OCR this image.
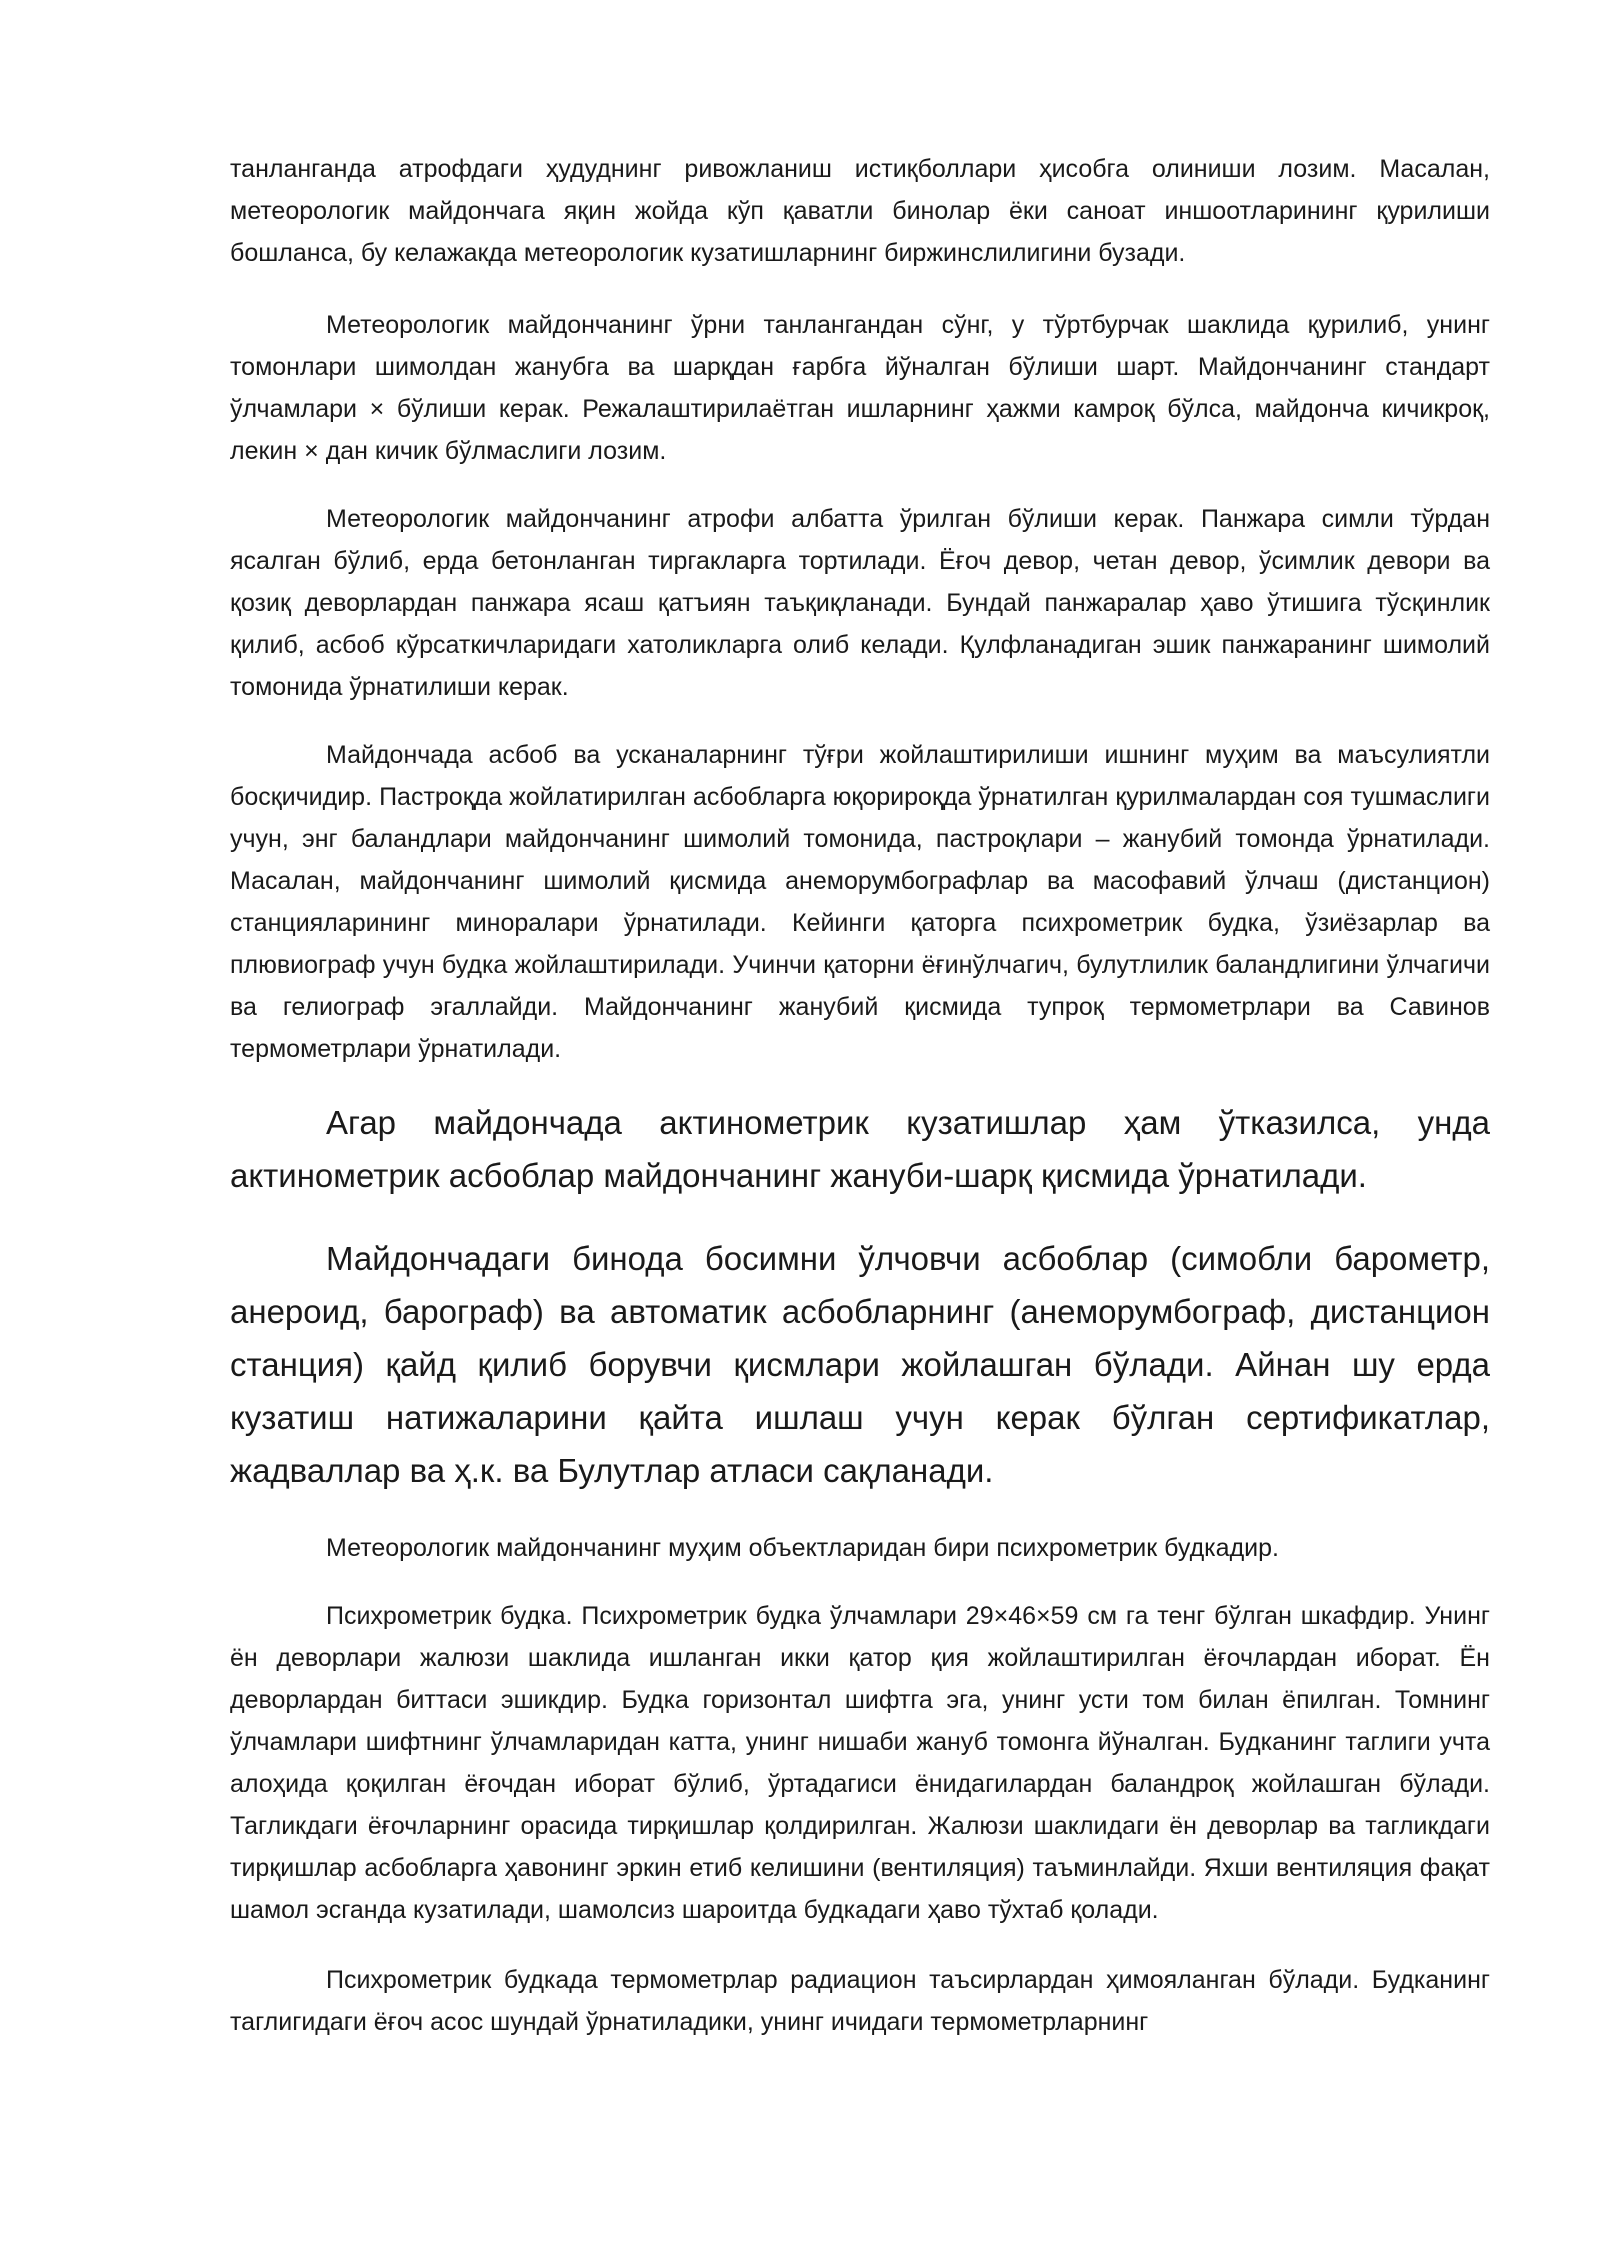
танланганда атрофдаги ҳудуднинг ривожланиш истиқболлари ҳисобга олиниши лозим. Масалан, метеорологик майдончага яқин жойда кўп қаватли бинолар ёки саноат иншоотларининг қурилиши бошланса, бу келажакда метеорологик кузатишларнинг биржинслилигини бузади.

Метеорологик майдончанинг ўрни танлангандан сўнг, у тўртбурчак шаклида қурилиб, унинг томонлари шимолдан жанубга ва шарқдан ғарбга йўналган бўлиши шарт. Майдончанинг стандарт ўлчамлари × бўлиши керак. Режалаштирилаётган ишларнинг ҳажми камроқ бўлса, майдонча кичикроқ, лекин × дан кичик бўлмаслиги лозим.

Метеорологик майдончанинг атрофи албатта ўрилган бўлиши керак. Панжара симли тўрдан ясалган бўлиб, ерда бетонланган тиргакларга тортилади. Ёғоч девор, четан девор, ўсимлик девори ва қозиқ деворлардан панжара ясаш қатъиян таъқиқланади. Бундай панжаралар ҳаво ўтишига тўсқинлик қилиб, асбоб кўрсаткичларидаги хатоликларга олиб келади. Қулфланадиган эшик панжаранинг шимолий томонида ўрнатилиши керак.

Майдончада асбоб ва усканаларнинг тўғри жойлаштирилиши ишнинг муҳим ва маъсулиятли босқичидир. Пастроқда жойлатирилган асбобларга юқорироқда ўрнатилган қурилмалардан соя тушмаслиги учун, энг баландлари майдончанинг шимолий томонида, пастроқлари – жанубий томонда ўрнатилади. Масалан, майдончанинг шимолий қисмида анеморумбографлар ва масофавий ўлчаш (дистанцион) станцияларининг миноралари ўрнатилади. Кейинги қаторга психрометрик будка, ўзиёзарлар ва плювиограф учун будка жойлаштирилади. Учинчи қаторни ёғинўлчагич, булутлилик баландлигини ўлчагичи ва гелиограф эгаллайди. Майдончанинг жанубий қисмида тупроқ термометрлари ва Савинов термометрлари ўрнатилади.

Агар майдончада актинометрик кузатишлар ҳам ўтказилса, унда актинометрик асбоблар майдончанинг жануби-шарқ қисмида ўрнатилади.

Майдончадаги бинода босимни ўлчовчи асбоблар (симобли барометр, анероид, барограф) ва автоматик асбобларнинг (анеморумбограф, дистанцион станция) қайд қилиб борувчи қисмлари жойлашган бўлади. Айнан шу ерда кузатиш натижаларини қайта ишлаш учун керак бўлган сертификатлар, жадваллар ва ҳ.к. ва Булутлар атласи сақланади.

Метеорологик майдончанинг муҳим объектларидан бири психрометрик будкадир.

Психрометрик будка. Психрометрик будка ўлчамлари 29×46×59 см га тенг бўлган шкафдир. Унинг ён деворлари жалюзи шаклида ишланган икки қатор қия жойлаштирилган ёғочлардан иборат. Ён деворлардан биттаси эшикдир. Будка горизонтал шифтга эга, унинг усти том билан ёпилган. Томнинг ўлчамлари шифтнинг ўлчамларидан катта, унинг нишаби жануб томонга йўналган. Будканинг таглиги учта алоҳида қоқилган ёғочдан иборат бўлиб, ўртадагиси ёнидагилардан баландроқ жойлашган бўлади. Тагликдаги ёғочларнинг орасида тирқишлар қолдирилган. Жалюзи шаклидаги ён деворлар ва тагликдаги тирқишлар асбобларга ҳавонинг эркин етиб келишини (вентиляция) таъминлайди. Яхши вентиляция фақат шамол эсганда кузатилади, шамолсиз шароитда будкадаги ҳаво тўхтаб қолади.

Психрометрик будкада термометрлар радиацион таъсирлардан ҳимояланган бўлади. Будканинг таглигидаги ёғоч асос шундай ўрнатиладики, унинг ичидаги термометрларнинг
